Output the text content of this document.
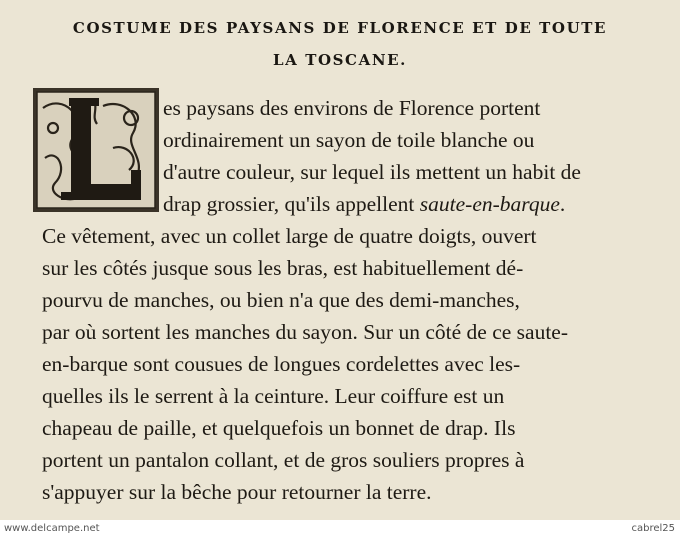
COSTUME DES PAYSANS DE FLORENCE ET DE TOUTE
LA TOSCANE.
es paysans des environs de Florence portent
ordinairement un sayon de toile blanche ou
d'autre couleur, sur lequel ils mettent un habit de
drap grossier, qu'ils appellent saute-en-barque.
Ce vêtement, avec un collet large de quatre doigts, ouvert
sur les côtés jusque sous les bras, est habituellement dé-
pourvu de manches, ou bien n'a que des demi-manches,
par où sortent les manches du sayon. Sur un côté de ce saute-
en-barque sont cousues de longues cordelettes avec les-
quelles ils le serrent à la ceinture. Leur coiffure est un
chapeau de paille, et quelquefois un bonnet de drap. Ils
portent un pantalon collant, et de gros souliers propres à
s'appuyer sur la bêche pour retourner la terre.
www.delcampe.net	cabrel25
